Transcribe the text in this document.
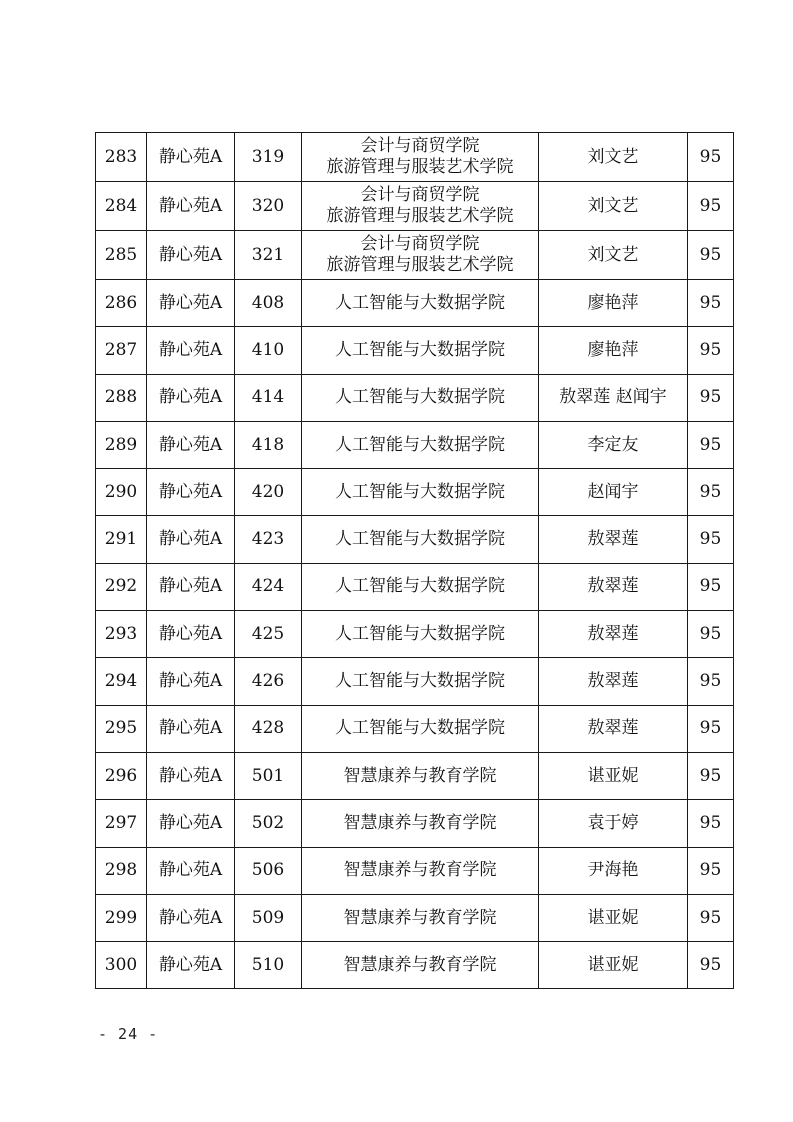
283	静心苑A	319	会计与商贸学院
旅游管理与服装艺术学院	刘文艺	95
284	静心苑A	320	会计与商贸学院
旅游管理与服装艺术学院	刘文艺	95
285	静心苑A	321	会计与商贸学院
旅游管理与服装艺术学院	刘文艺	95
286	静心苑A	408	人工智能与大数据学院	廖艳萍	95
287	静心苑A	410	人工智能与大数据学院	廖艳萍	95
288	静心苑A	414	人工智能与大数据学院	敖翠莲 赵闻宇	95
289	静心苑A	418	人工智能与大数据学院	李定友	95
290	静心苑A	420	人工智能与大数据学院	赵闻宇	95
291	静心苑A	423	人工智能与大数据学院	敖翠莲	95
292	静心苑A	424	人工智能与大数据学院	敖翠莲	95
293	静心苑A	425	人工智能与大数据学院	敖翠莲	95
294	静心苑A	426	人工智能与大数据学院	敖翠莲	95
295	静心苑A	428	人工智能与大数据学院	敖翠莲	95
296	静心苑A	501	智慧康养与教育学院	谌亚妮	95
297	静心苑A	502	智慧康养与教育学院	袁于婷	95
298	静心苑A	506	智慧康养与教育学院	尹海艳	95
299	静心苑A	509	智慧康养与教育学院	谌亚妮	95
300	静心苑A	510	智慧康养与教育学院	谌亚妮	95
- 24 -
